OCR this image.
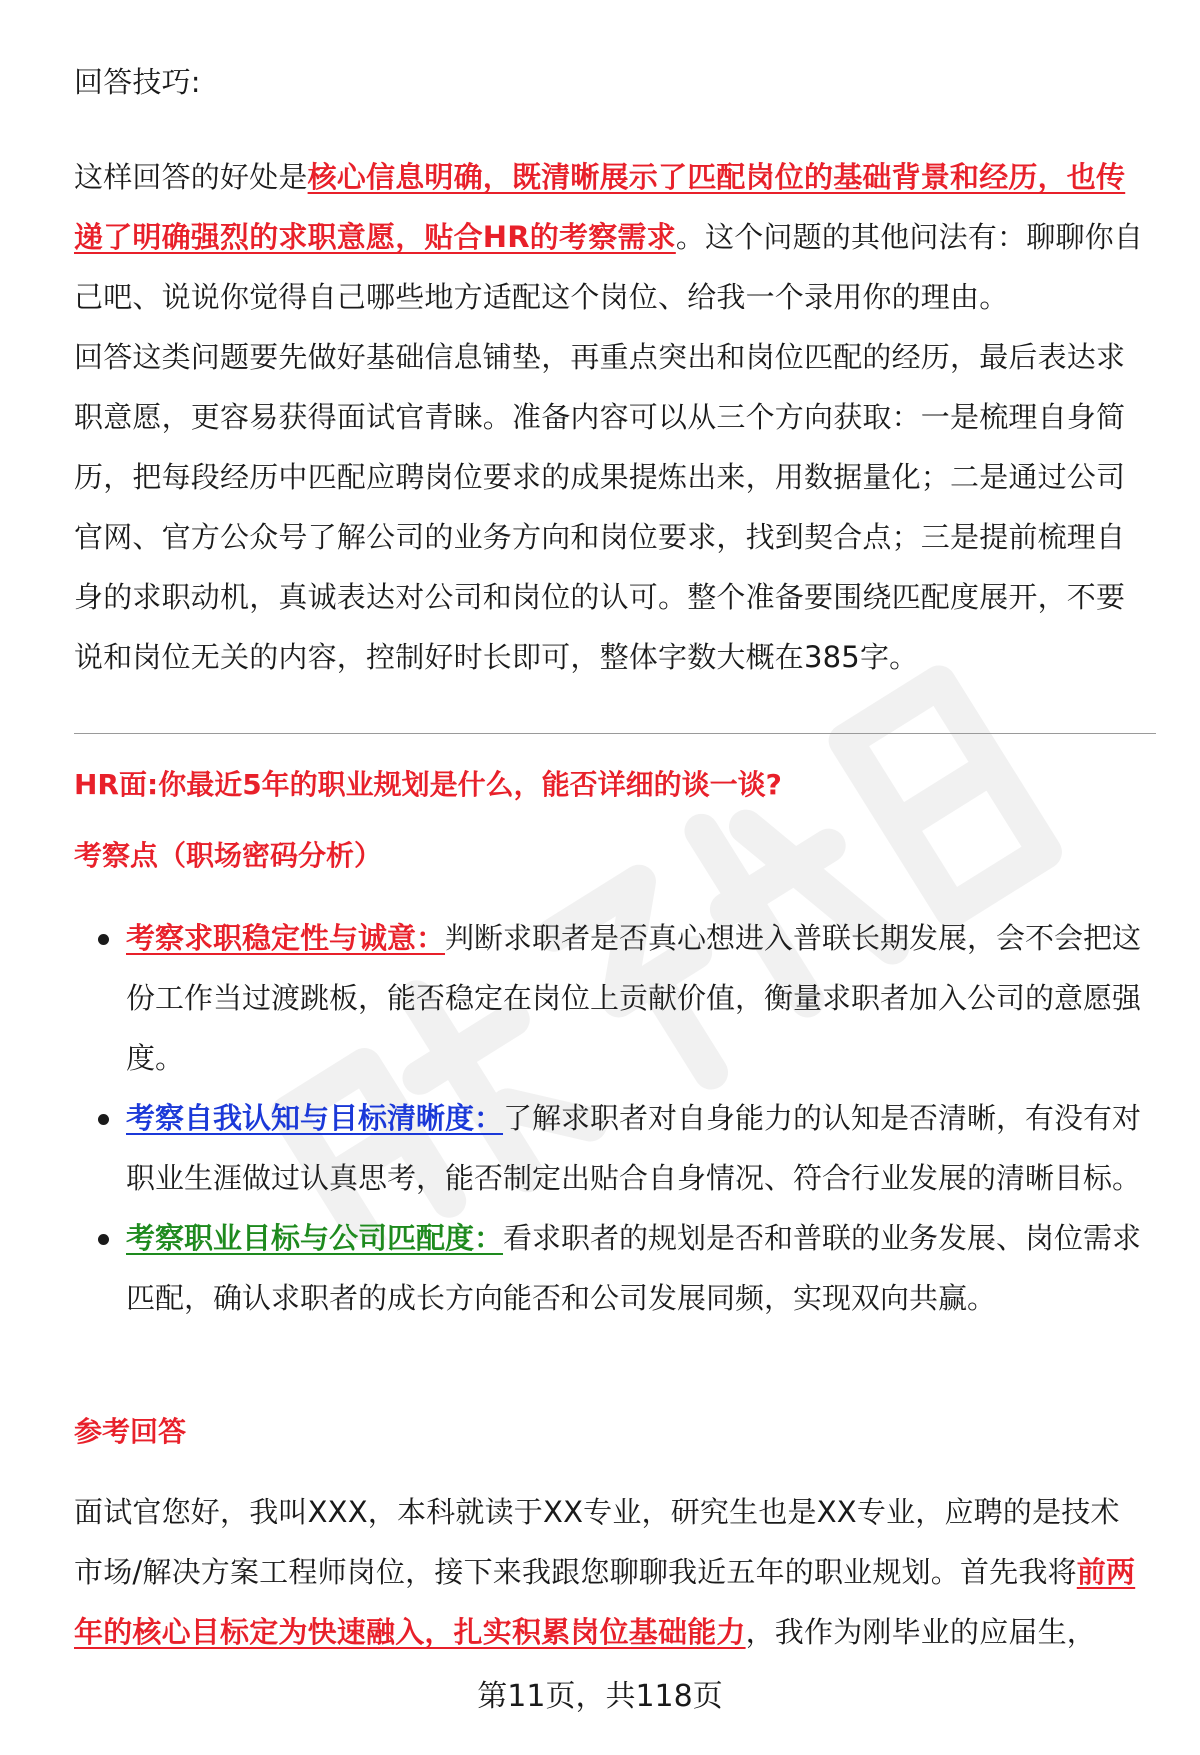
回答技巧:
这样回答的好处是核心信息明确，既清晰展示了匹配岗位的基础背景和经历，也传递了明确强烈的求职意愿，贴合HR的考察需求。这个问题的其他问法有：聊聊你自己吧、说说你觉得自己哪些地方适配这个岗位、给我一个录用你的理由。
回答这类问题要先做好基础信息铺垫，再重点突出和岗位匹配的经历，最后表达求职意愿，更容易获得面试官青睐。准备内容可以从三个方向获取：一是梳理自身简历，把每段经历中匹配应聘岗位要求的成果提炼出来，用数据量化；二是通过公司官网、官方公众号了解公司的业务方向和岗位要求，找到契合点；三是提前梳理自身的求职动机，真诚表达对公司和岗位的认可。整个准备要围绕匹配度展开，不要说和岗位无关的内容，控制好时长即可，整体字数大概在385字。
HR面:你最近5年的职业规划是什么，能否详细的谈一谈?
考察点（职场密码分析）
考察求职稳定性与诚意：判断求职者是否真心想进入普联长期发展，会不会把这份工作当过渡跳板，能否稳定在岗位上贡献价值，衡量求职者加入公司的意愿强度。
考察自我认知与目标清晰度：了解求职者对自身能力的认知是否清晰，有没有对职业生涯做过认真思考，能否制定出贴合自身情况、符合行业发展的清晰目标。
考察职业目标与公司匹配度：看求职者的规划是否和普联的业务发展、岗位需求匹配，确认求职者的成长方向能否和公司发展同频，实现双向共赢。
参考回答
面试官您好，我叫XXX，本科就读于XX专业，研究生也是XX专业，应聘的是技术市场/解决方案工程师岗位，接下来我跟您聊聊我近五年的职业规划。首先我将前两年的核心目标定为快速融入，扎实积累岗位基础能力，我作为刚毕业的应届生，
第11页，共118页
